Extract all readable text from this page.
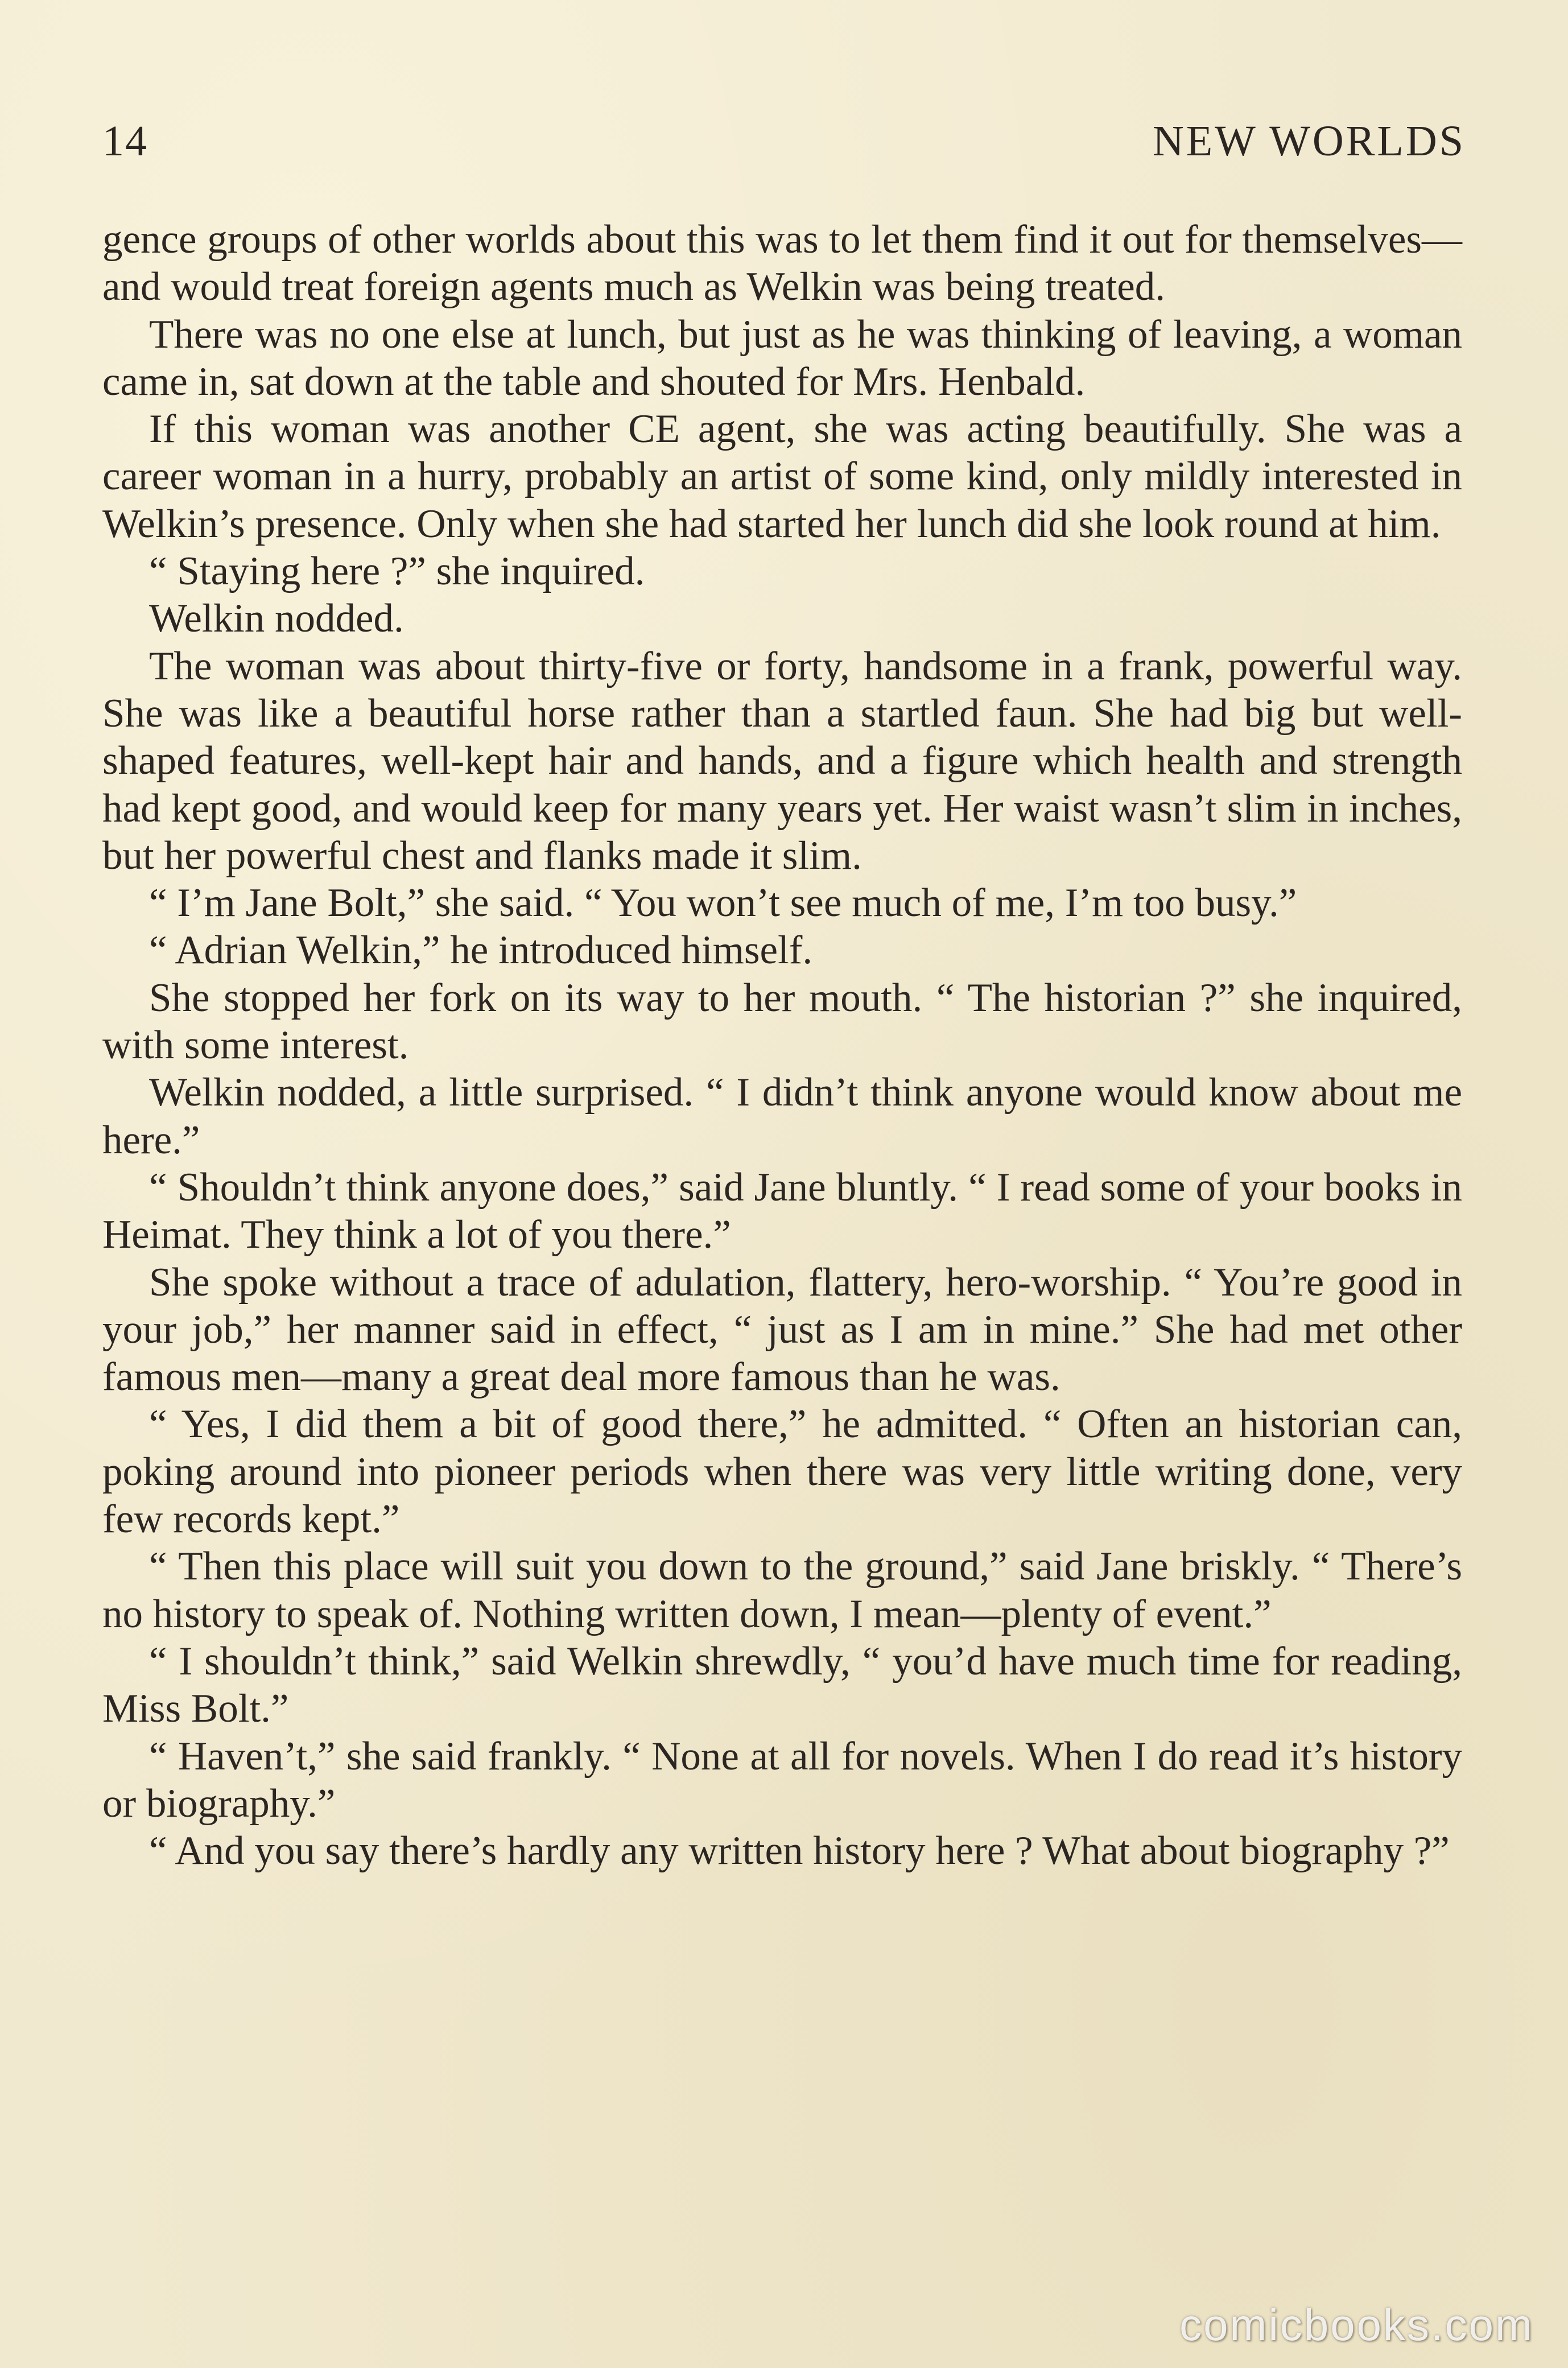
14	NEW WORLDS

gence groups of other worlds about this was to let them find it out for themselves—and would treat foreign agents much as Welkin was being treated.

There was no one else at lunch, but just as he was thinking of leaving, a woman came in, sat down at the table and shouted for Mrs. Henbald.

If this woman was another CE agent, she was acting beautifully. She was a career woman in a hurry, probably an artist of some kind, only mildly interested in Welkin’s presence. Only when she had started her lunch did she look round at him.

“ Staying here ?” she inquired.

Welkin nodded.

The woman was about thirty-five or forty, handsome in a frank, powerful way. She was like a beautiful horse rather than a startled faun. She had big but well-shaped features, well-kept hair and hands, and a figure which health and strength had kept good, and would keep for many years yet. Her waist wasn’t slim in inches, but her powerful chest and flanks made it slim.

“ I’m Jane Bolt,” she said. “ You won’t see much of me, I’m too busy.”

“ Adrian Welkin,” he introduced himself.

She stopped her fork on its way to her mouth. “ The historian ?” she inquired, with some interest.

Welkin nodded, a little surprised. “ I didn’t think anyone would know about me here.”

“ Shouldn’t think anyone does,” said Jane bluntly. “ I read some of your books in Heimat. They think a lot of you there.”

She spoke without a trace of adulation, flattery, hero-worship. “ You’re good in your job,” her manner said in effect, “ just as I am in mine.” She had met other famous men—many a great deal more famous than he was.

“ Yes, I did them a bit of good there,” he admitted. “ Often an historian can, poking around into pioneer periods when there was very little writing done, very few records kept.”

“ Then this place will suit you down to the ground,” said Jane briskly. “ There’s no history to speak of. Nothing written down, I mean—plenty of event.”

“ I shouldn’t think,” said Welkin shrewdly, “ you’d have much time for reading, Miss Bolt.”

“ Haven’t,” she said frankly. “ None at all for novels. When I do read it’s history or biography.”

“ And you say there’s hardly any written history here ? What about biography ?”

comicbooks.com
